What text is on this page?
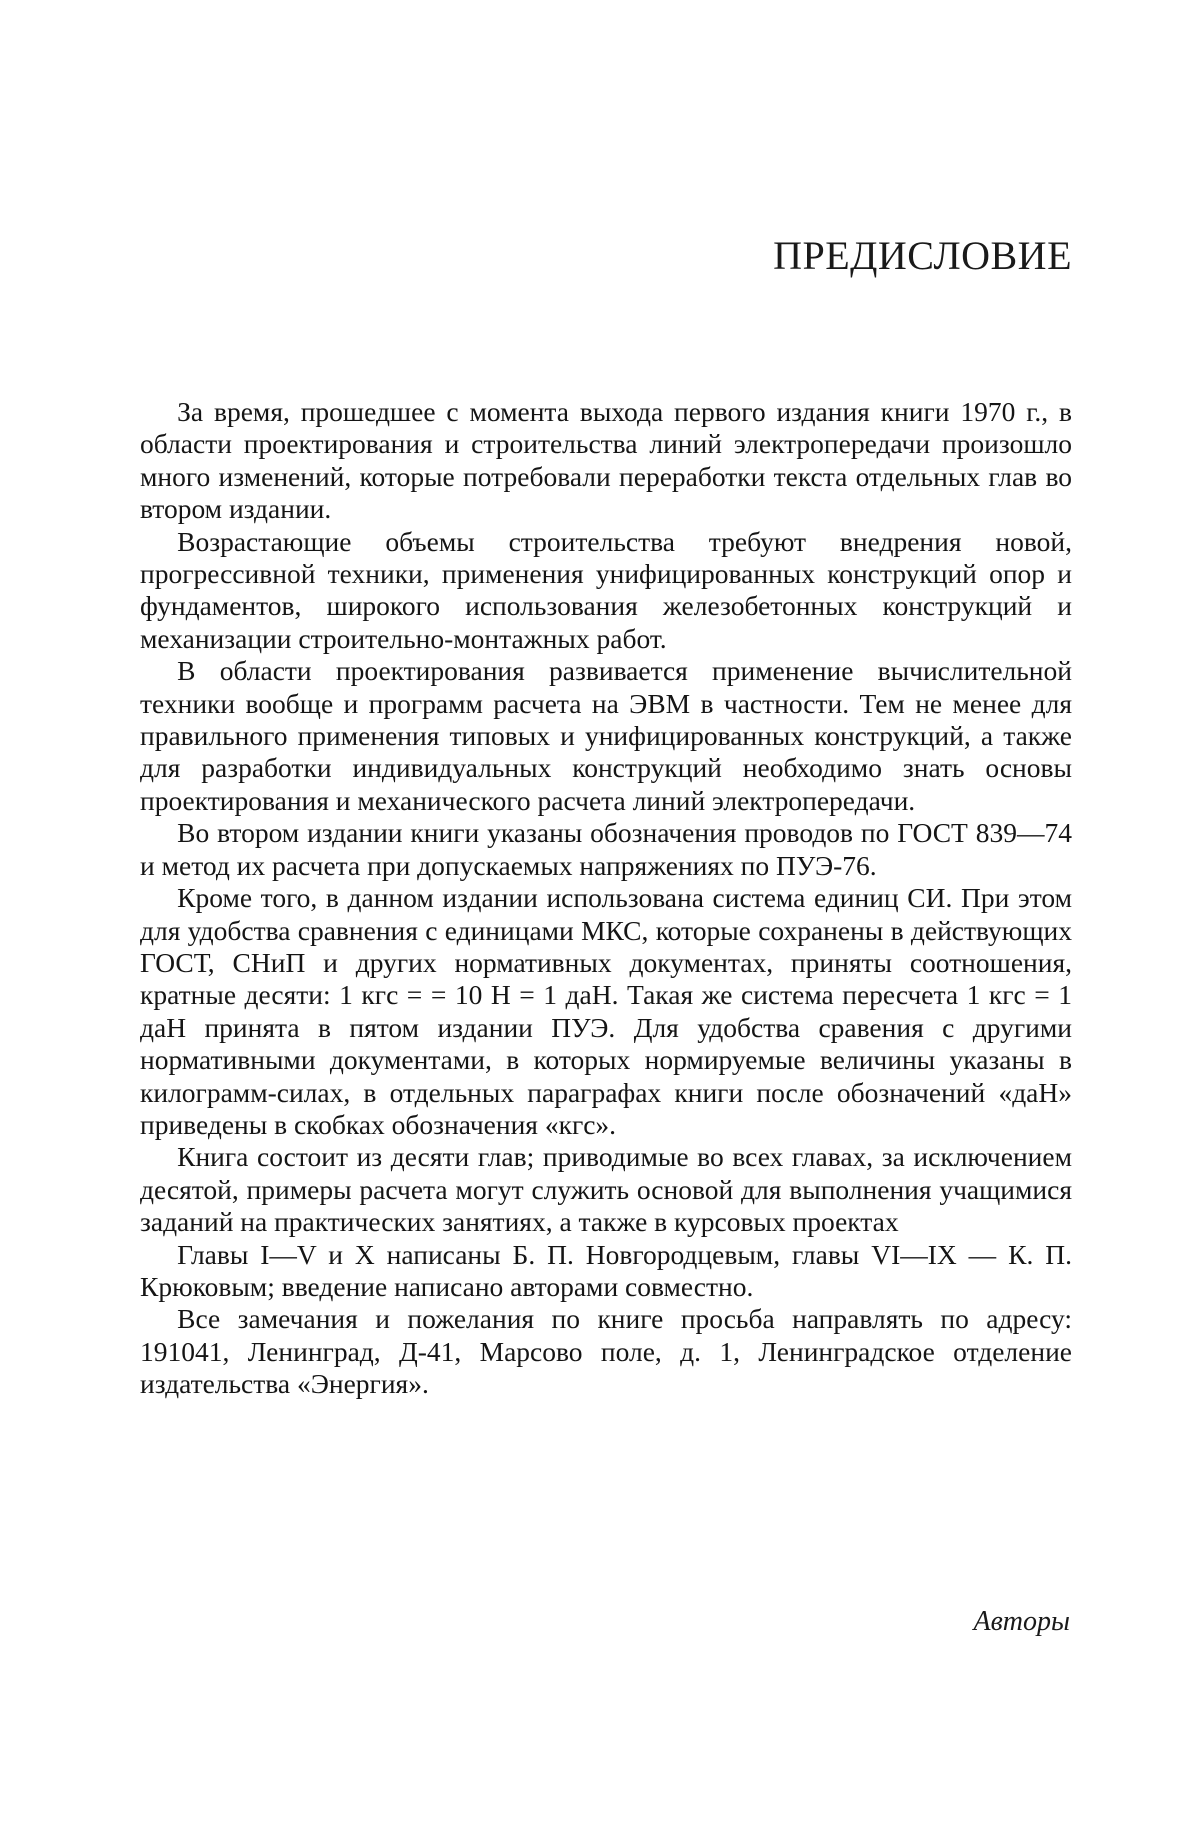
ПРЕДИСЛОВИЕ

За время, прошедшее с момента выхода первого издания книги 1970 г., в области проектирования и строительства линий электропередачи произошло много изменений, которые потребовали переработки текста отдельных глав во втором издании.

Возрастающие объемы строительства требуют внедрения новой, прогрессивной техники, применения унифицированных конструкций опор и фундаментов, широкого использования железобетонных конструкций и механизации строительно-монтажных работ.

В области проектирования развивается применение вычислительной техники вообще и программ расчета на ЭВМ в частности. Тем не менее для правильного применения типовых и унифицированных конструкций, а также для разработки индивидуальных конструкций необходимо знать основы проектирования и механического расчета линий электропередачи.

Во втором издании книги указаны обозначения проводов по ГОСТ 839—74 и метод их расчета при допускаемых напряжениях по ПУЭ-76.

Кроме того, в данном издании использована система единиц СИ. При этом для удобства сравнения с единицами МКС, которые сохранены в действующих ГОСТ, СНиП и других нормативных документах, приняты соотношения, кратные десяти: 1 кгс = = 10 Н = 1 даН. Такая же система пересчета 1 кгс = 1 даН принята в пятом издании ПУЭ. Для удобства сравения с другими нормативными документами, в которых нормируемые величины указаны в килограмм-силах, в отдельных параграфах книги после обозначений «даН» приведены в скобках обозначения «кгс».

Книга состоит из десяти глав; приводимые во всех главах, за исключением десятой, примеры расчета могут служить основой для выполнения учащимися заданий на практических занятиях, а также в курсовых проектах

Главы I—V и X написаны Б. П. Новгородцевым, главы VI—IX — К. П. Крюковым; введение написано авторами совместно.

Все замечания и пожелания по книге просьба направлять по адресу: 191041, Ленинград, Д-41, Марсово поле, д. 1, Ленинградское отделение издательства «Энергия».

Авторы
